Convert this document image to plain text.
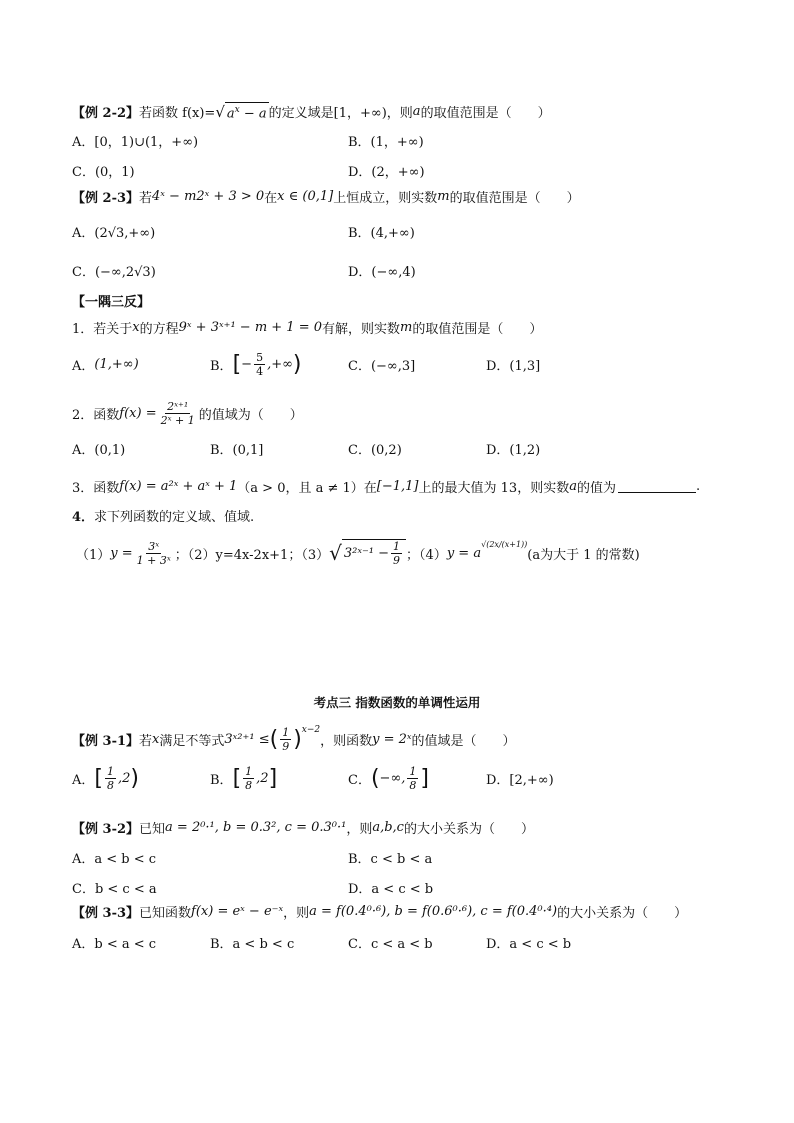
【例 2-2】 若函数 f(x)= √ $a^x - a$ 的定义域是[1，+∞)，则 a 的取值范围是（　　）
A．[0，1)∪(1，+∞)	B．(1，+∞)
C．(0，1)	D．(2，+∞)
【例 2-3】 若 4ˣ − m2ˣ + 3 > 0 在 x ∈ (0,1] 上恒成立，则实数 m 的取值范围是（　　）
A．(2√3,+∞)	B．(4,+∞)
C．(−∞,2√3)	D．(−∞,4)
【一隅三反】
1． 若关于 x 的方程 9ˣ + 3ˣ⁺¹ − m + 1 = 0 有解，则实数 m 的取值范围是（　　）
A． (1,+∞)	B． [ − $\frac{5}{4}$ ,+∞ )	C．(−∞,3]	D．(1,3]
2． 函数 $f(x) = \frac{\text{2ˣ⁺¹}}{\text{2ˣ + 1}}$ 的值域为（　　）
A．(0,1)	B．(0,1]	C．(0,2)	D．(1,2)
3． 函数 f(x) = a²ˣ + aˣ + 1 （a > 0，且 a ≠ 1） 在 [−1,1] 上的最大值为 13，则实数 a 的值为	.
4． 求下列函数的定义域、值域.
（1） $y = \frac{\text{3ˣ}}{\text{1 + 3ˣ}}$ ；（2）y=4x-2x+1；（3） √ 3²ˣ⁻¹ − $\frac{1}{9}$ ；（4） y = a
$^{√(2x/(x+1))}$
(a为大于 1 的常数)
考点三 指数函数的单调性运用
【例 3-1】 若 x 满足不等式 3ˣ²⁺¹ ≤ ( $\frac{1}{9} )^{x-2}$
，则函数 y = 2ˣ 的值域是（　　）
A． [ $\frac{1}{8} ,2$ )	B． [ $\frac{1}{8} ,2$ ]	C． ( −∞, $\frac{1}{8}$ ]	D．[2,+∞)
【例 3-2】 已知 a = 2⁰·¹, b = 0.3², c = 0.3⁰·¹ ，则 a,b,c 的大小关系为（　　）
A．a < b < c	B．c < b < a
C．b < c < a	D．a < c < b
【例 3-3】 已知函数 f(x) = eˣ − e⁻ˣ ，则 a = f(0.4⁰·⁶), b = f(0.6⁰·⁶), c = f(0.4⁰·⁴) 的大小关系为（　　）
A．b < a < c	B．a < b < c	C．c < a < b	D．a < c < b
